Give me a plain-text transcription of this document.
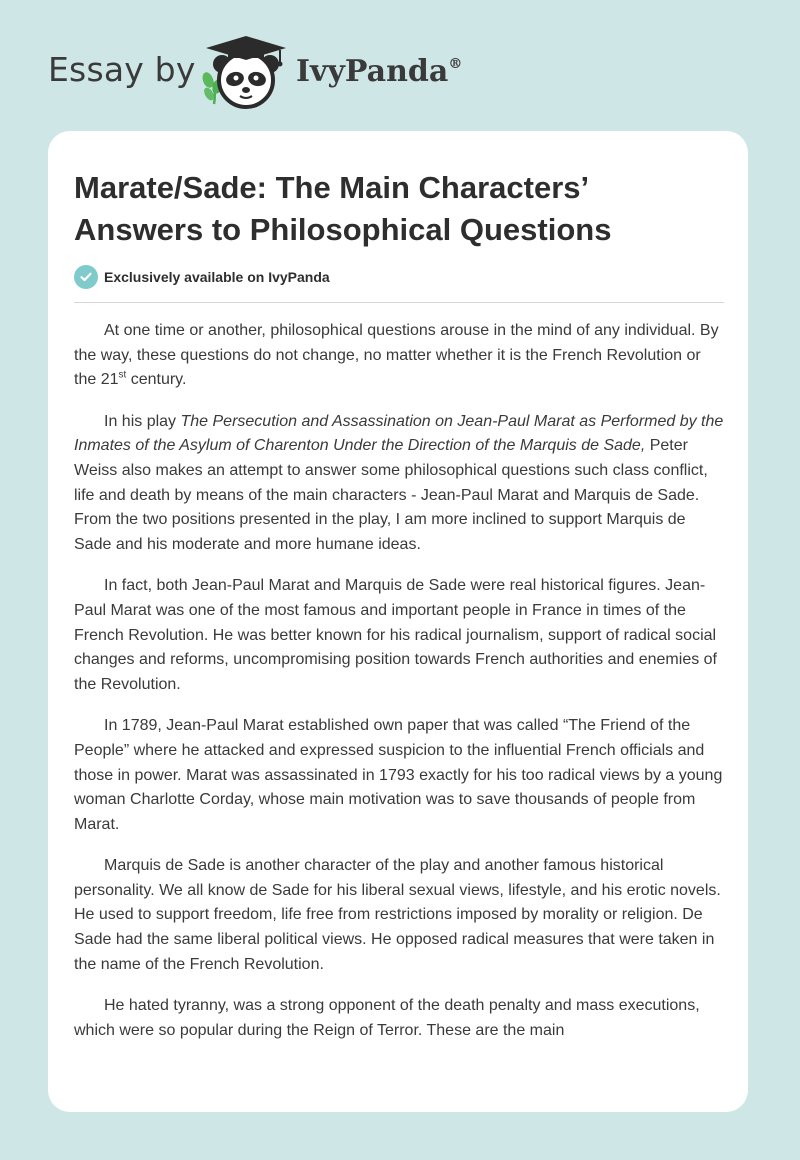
Essay by	IvyPanda®
Marate/Sade: The Main Characters’ Answers to Philosophical Questions
Exclusively available on IvyPanda

At one time or another, philosophical questions arouse in the mind of any individual. By the way, these questions do not change, no matter whether it is the French Revolution or the 21st century.

In his play The Persecution and Assassination on Jean-Paul Marat as Performed by the Inmates of the Asylum of Charenton Under the Direction of the Marquis de Sade, Peter Weiss also makes an attempt to answer some philosophical questions such class conflict, life and death by means of the main characters - Jean-Paul Marat and Marquis de Sade. From the two positions presented in the play, I am more inclined to support Marquis de Sade and his moderate and more humane ideas.

In fact, both Jean-Paul Marat and Marquis de Sade were real historical figures. Jean-Paul Marat was one of the most famous and important people in France in times of the French Revolution. He was better known for his radical journalism, support of radical social changes and reforms, uncompromising position towards French authorities and enemies of the Revolution.

In 1789, Jean-Paul Marat established own paper that was called “The Friend of the People” where he attacked and expressed suspicion to the influential French officials and those in power. Marat was assassinated in 1793 exactly for his too radical views by a young woman Charlotte Corday, whose main motivation was to save thousands of people from Marat.

Marquis de Sade is another character of the play and another famous historical personality. We all know de Sade for his liberal sexual views, lifestyle, and his erotic novels. He used to support freedom, life free from restrictions imposed by morality or religion. De Sade had the same liberal political views. He opposed radical measures that were taken in the name of the French Revolution.

He hated tyranny, was a strong opponent of the death penalty and mass executions, which were so popular during the Reign of Terror. These are the main
